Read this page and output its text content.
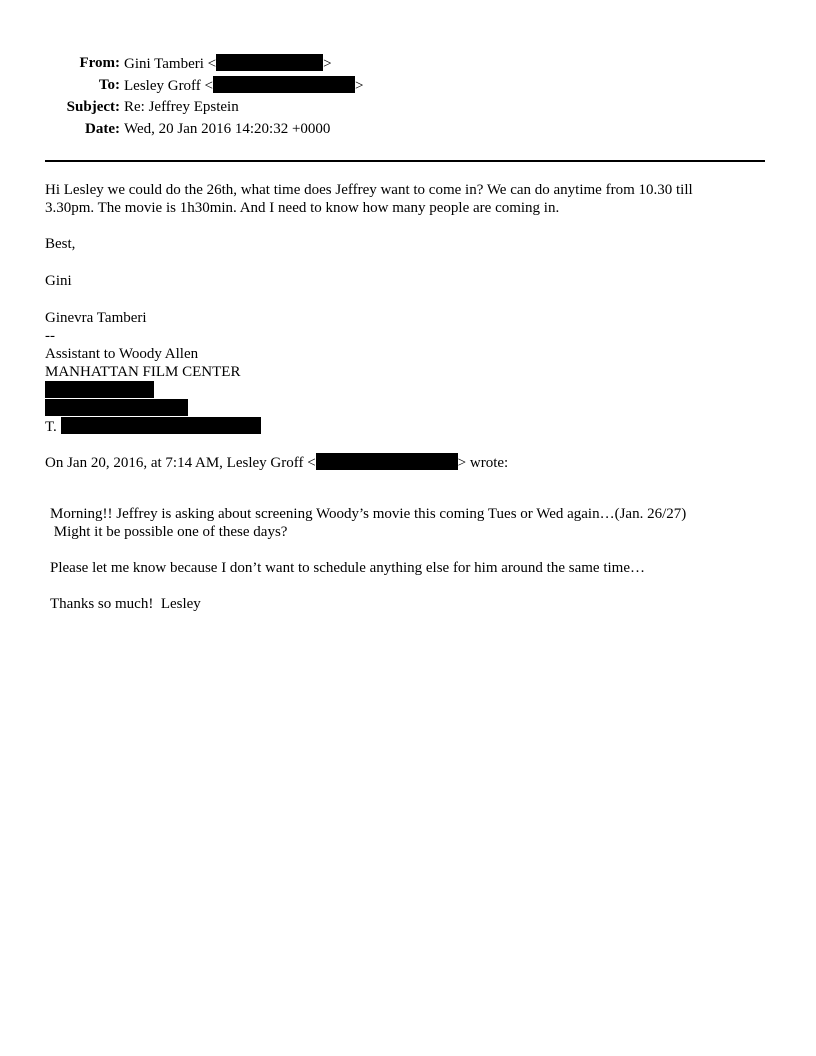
From: Gini Tamberi <	>
To: Lesley Groff <	>
Subject: Re: Jeffrey Epstein
Date: Wed, 20 Jan 2016 14:20:32 +0000
Hi Lesley we could do the 26th, what time does Jeffrey want to come in? We can do anytime from 10.30 till
3.30pm. The movie is 1h30min. And I need to know how many people are coming in.
Best,
Gini
Ginevra Tamberi
--
Assistant to Woody Allen
MANHATTAN FILM CENTER
T.
On Jan 20, 2016, at 7:14 AM, Lesley Groff <	> wrote:
Morning!! Jeffrey is asking about screening Woody’s movie this coming Tues or Wed again…(Jan. 26/27)
Might it be possible one of these days?
Please let me know because I don’t want to schedule anything else for him around the same time…
Thanks so much!  Lesley
